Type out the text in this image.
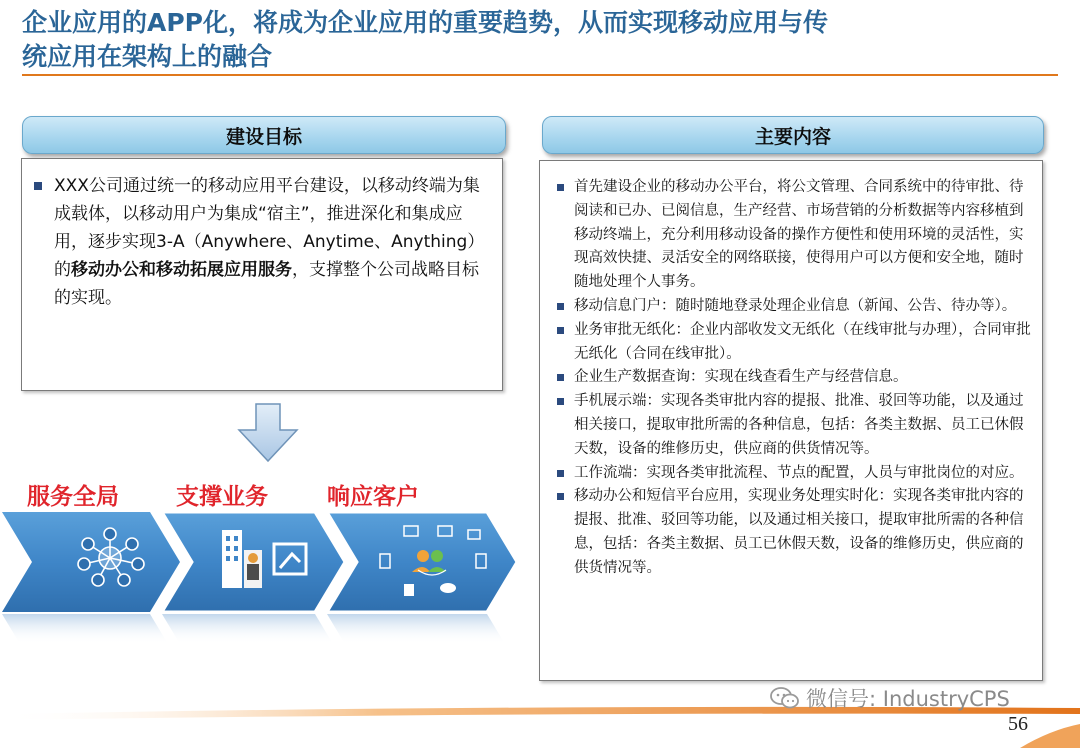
企业应用的APP化，将成为企业应用的重要趋势，从而实现移动应用与传
统应用在架构上的融合
建设目标
XXX公司通过统一的移动应用平台建设，以移动终端为集成载体，以移动用户为集成“宿主”，推进深化和集成应用，逐步实现3-A（Anywhere、Anytime、Anything）的移动办公和移动拓展应用服务，支撑整个公司战略目标的实现。
主要内容
首先建设企业的移动办公平台，将公文管理、合同系统中的待审批、待阅读和已办、已阅信息，生产经营、市场营销的分析数据等内容移植到移动终端上，充分利用移动设备的操作方便性和使用环境的灵活性，实现高效快捷、灵活安全的网络联接，使得用户可以方便和安全地，随时随地处理个人事务。
移动信息门户：随时随地登录处理企业信息（新闻、公告、待办等）。
业务审批无纸化：企业内部收发文无纸化（在线审批与办理），合同审批无纸化（合同在线审批）。
企业生产数据查询：实现在线查看生产与经营信息。
手机展示端：实现各类审批内容的提报、批准、驳回等功能，以及通过相关接口，提取审批所需的各种信息，包括：各类主数据、员工已休假天数，设备的维修历史，供应商的供货情况等。
工作流端：实现各类审批流程、节点的配置，人员与审批岗位的对应。
移动办公和短信平台应用，实现业务处理实时化：实现各类审批内容的提报、批准、驳回等功能，以及通过相关接口，提取审批所需的各种信息，包括：各类主数据、员工已休假天数，设备的维修历史，供应商的供货情况等。
服务全局 支撑业务	响应客户
微信号: IndustryCPS
56
